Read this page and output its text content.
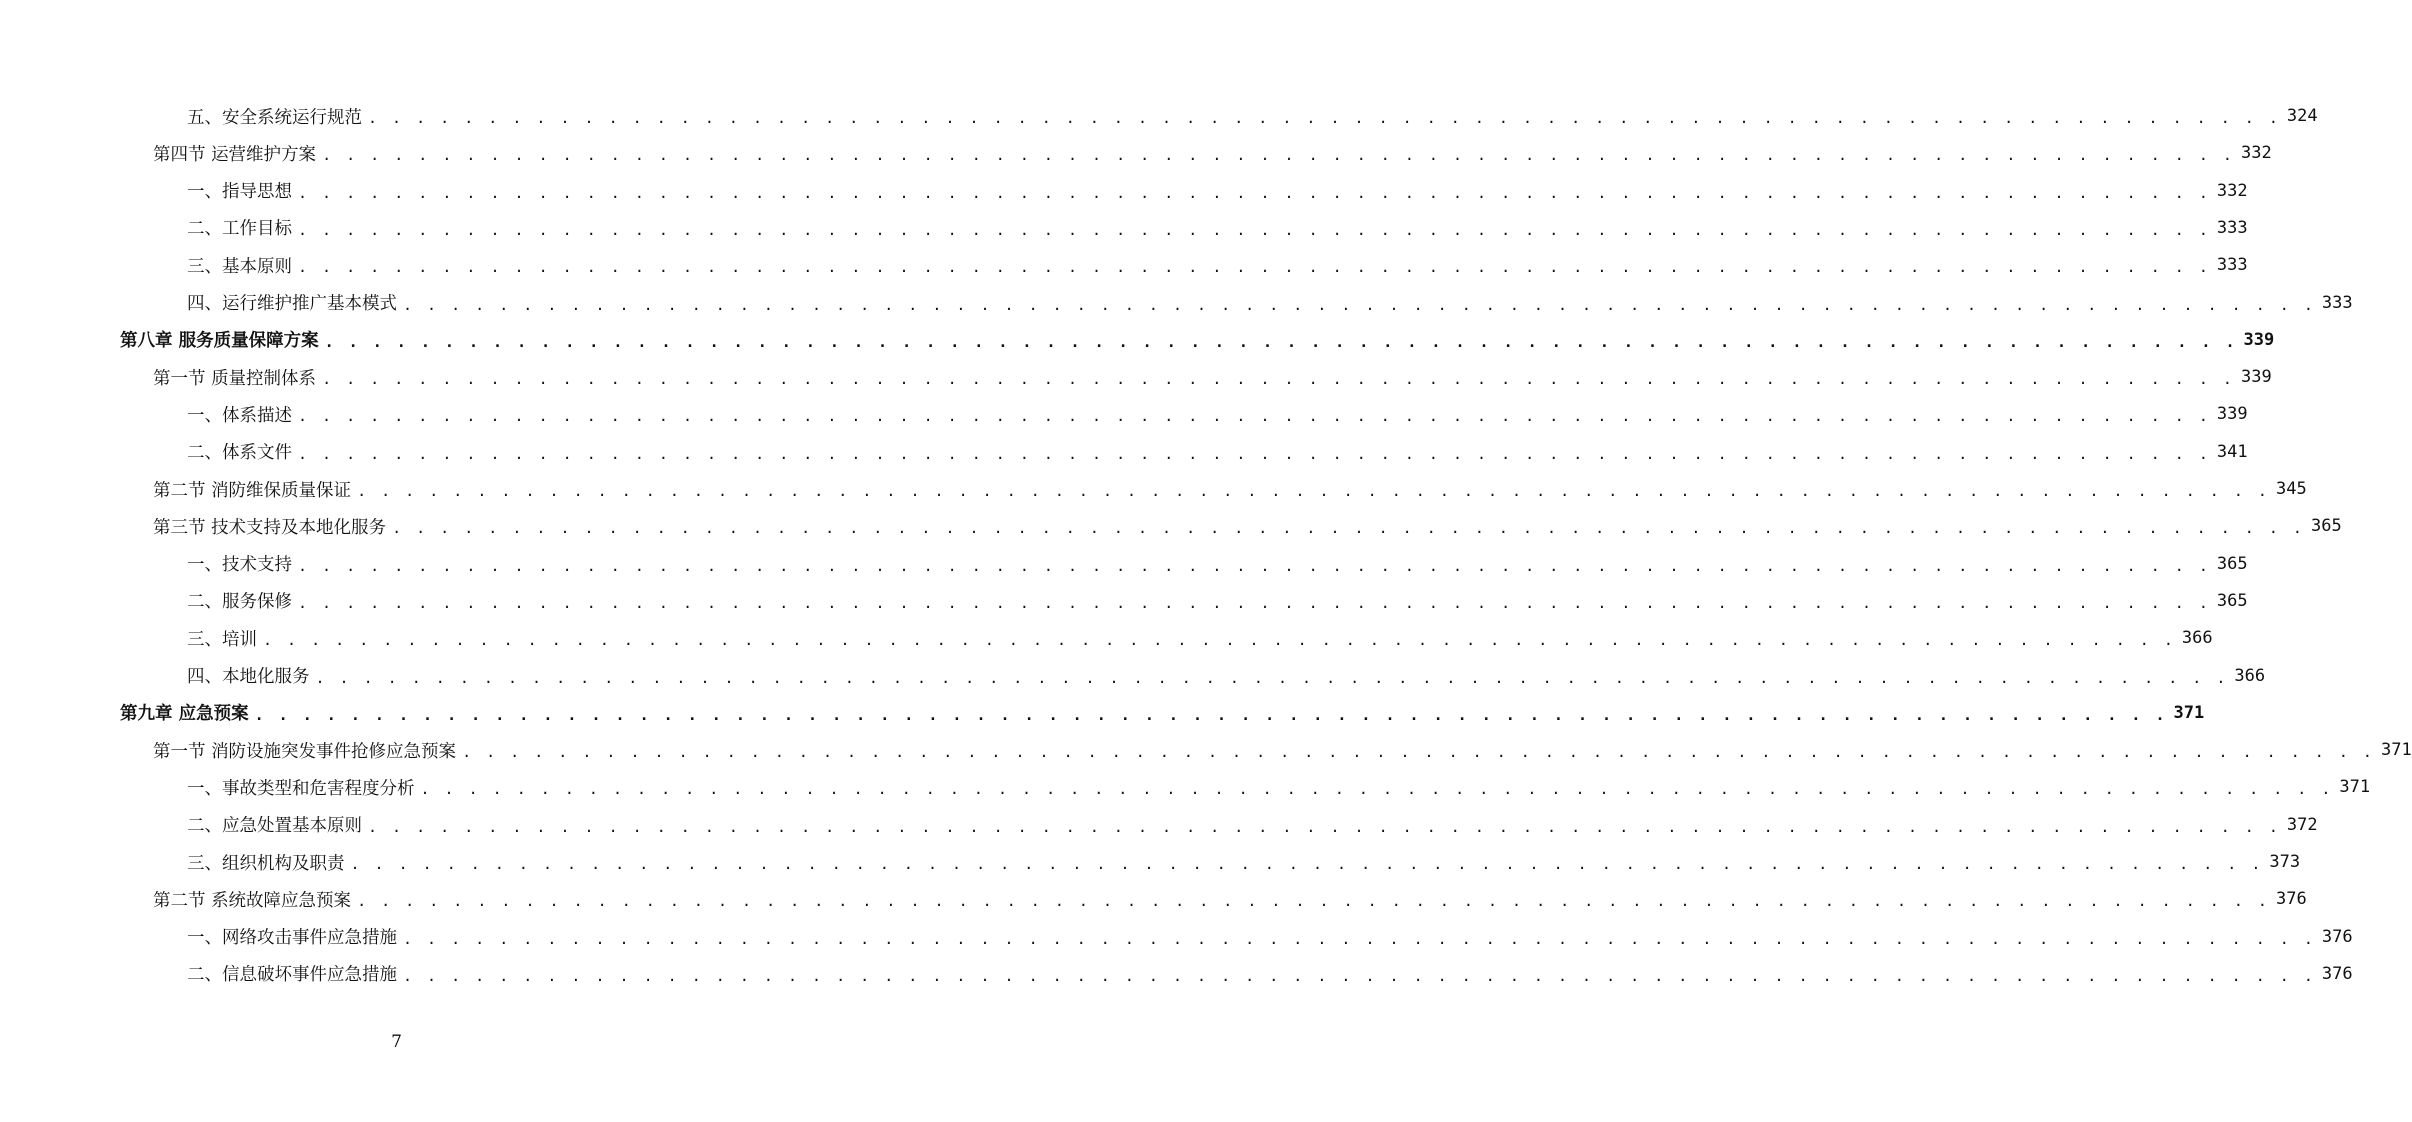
五、安全系统运行规范 . . . . . . . . . . . . . . . . . . . . . . . . . . . . . . . . . . . . . . . . . . . . . . . . . . . . . . . . . . . . . . . . . . . . . . . . . . . . . . . . 324
第四节 运营维护方案 . . . . . . . . . . . . . . . . . . . . . . . . . . . . . . . . . . . . . . . . . . . . . . . . . . . . . . . . . . . . . . . . . . . . . . . . . . . . . . . . 332
一、指导思想 . . . . . . . . . . . . . . . . . . . . . . . . . . . . . . . . . . . . . . . . . . . . . . . . . . . . . . . . . . . . . . . . . . . . . . . . . . . . . . . . 332
二、工作目标 . . . . . . . . . . . . . . . . . . . . . . . . . . . . . . . . . . . . . . . . . . . . . . . . . . . . . . . . . . . . . . . . . . . . . . . . . . . . . . . . 333
三、基本原则 . . . . . . . . . . . . . . . . . . . . . . . . . . . . . . . . . . . . . . . . . . . . . . . . . . . . . . . . . . . . . . . . . . . . . . . . . . . . . . . . 333
四、运行维护推广基本模式 . . . . . . . . . . . . . . . . . . . . . . . . . . . . . . . . . . . . . . . . . . . . . . . . . . . . . . . . . . . . . . . . . . . . . . . . . . . . . . . . 333
第八章 服务质量保障方案 . . . . . . . . . . . . . . . . . . . . . . . . . . . . . . . . . . . . . . . . . . . . . . . . . . . . . . . . . . . . . . . . . . . . . . . . . . . . . . . . 339
第一节 质量控制体系 . . . . . . . . . . . . . . . . . . . . . . . . . . . . . . . . . . . . . . . . . . . . . . . . . . . . . . . . . . . . . . . . . . . . . . . . . . . . . . . . 339
一、体系描述 . . . . . . . . . . . . . . . . . . . . . . . . . . . . . . . . . . . . . . . . . . . . . . . . . . . . . . . . . . . . . . . . . . . . . . . . . . . . . . . . 339
二、体系文件 . . . . . . . . . . . . . . . . . . . . . . . . . . . . . . . . . . . . . . . . . . . . . . . . . . . . . . . . . . . . . . . . . . . . . . . . . . . . . . . . 341
第二节 消防维保质量保证 . . . . . . . . . . . . . . . . . . . . . . . . . . . . . . . . . . . . . . . . . . . . . . . . . . . . . . . . . . . . . . . . . . . . . . . . . . . . . . . . 345
第三节 技术支持及本地化服务 . . . . . . . . . . . . . . . . . . . . . . . . . . . . . . . . . . . . . . . . . . . . . . . . . . . . . . . . . . . . . . . . . . . . . . . . . . . . . . . . 365
一、技术支持 . . . . . . . . . . . . . . . . . . . . . . . . . . . . . . . . . . . . . . . . . . . . . . . . . . . . . . . . . . . . . . . . . . . . . . . . . . . . . . . . 365
二、服务保修 . . . . . . . . . . . . . . . . . . . . . . . . . . . . . . . . . . . . . . . . . . . . . . . . . . . . . . . . . . . . . . . . . . . . . . . . . . . . . . . . 365
三、培训 . . . . . . . . . . . . . . . . . . . . . . . . . . . . . . . . . . . . . . . . . . . . . . . . . . . . . . . . . . . . . . . . . . . . . . . . . . . . . . . . 366
四、本地化服务 . . . . . . . . . . . . . . . . . . . . . . . . . . . . . . . . . . . . . . . . . . . . . . . . . . . . . . . . . . . . . . . . . . . . . . . . . . . . . . . . 366
第九章 应急预案 . . . . . . . . . . . . . . . . . . . . . . . . . . . . . . . . . . . . . . . . . . . . . . . . . . . . . . . . . . . . . . . . . . . . . . . . . . . . . . . . 371
第一节 消防设施突发事件抢修应急预案 . . . . . . . . . . . . . . . . . . . . . . . . . . . . . . . . . . . . . . . . . . . . . . . . . . . . . . . . . . . . . . . . . . . . . . . . . . . . . . . . 371
一、事故类型和危害程度分析 . . . . . . . . . . . . . . . . . . . . . . . . . . . . . . . . . . . . . . . . . . . . . . . . . . . . . . . . . . . . . . . . . . . . . . . . . . . . . . . . 371
二、应急处置基本原则 . . . . . . . . . . . . . . . . . . . . . . . . . . . . . . . . . . . . . . . . . . . . . . . . . . . . . . . . . . . . . . . . . . . . . . . . . . . . . . . . 372
三、组织机构及职责 . . . . . . . . . . . . . . . . . . . . . . . . . . . . . . . . . . . . . . . . . . . . . . . . . . . . . . . . . . . . . . . . . . . . . . . . . . . . . . . . 373
第二节 系统故障应急预案 . . . . . . . . . . . . . . . . . . . . . . . . . . . . . . . . . . . . . . . . . . . . . . . . . . . . . . . . . . . . . . . . . . . . . . . . . . . . . . . . 376
一、网络攻击事件应急措施 . . . . . . . . . . . . . . . . . . . . . . . . . . . . . . . . . . . . . . . . . . . . . . . . . . . . . . . . . . . . . . . . . . . . . . . . . . . . . . . . 376
二、信息破坏事件应急措施 . . . . . . . . . . . . . . . . . . . . . . . . . . . . . . . . . . . . . . . . . . . . . . . . . . . . . . . . . . . . . . . . . . . . . . . . . . . . . . . . 376
7
